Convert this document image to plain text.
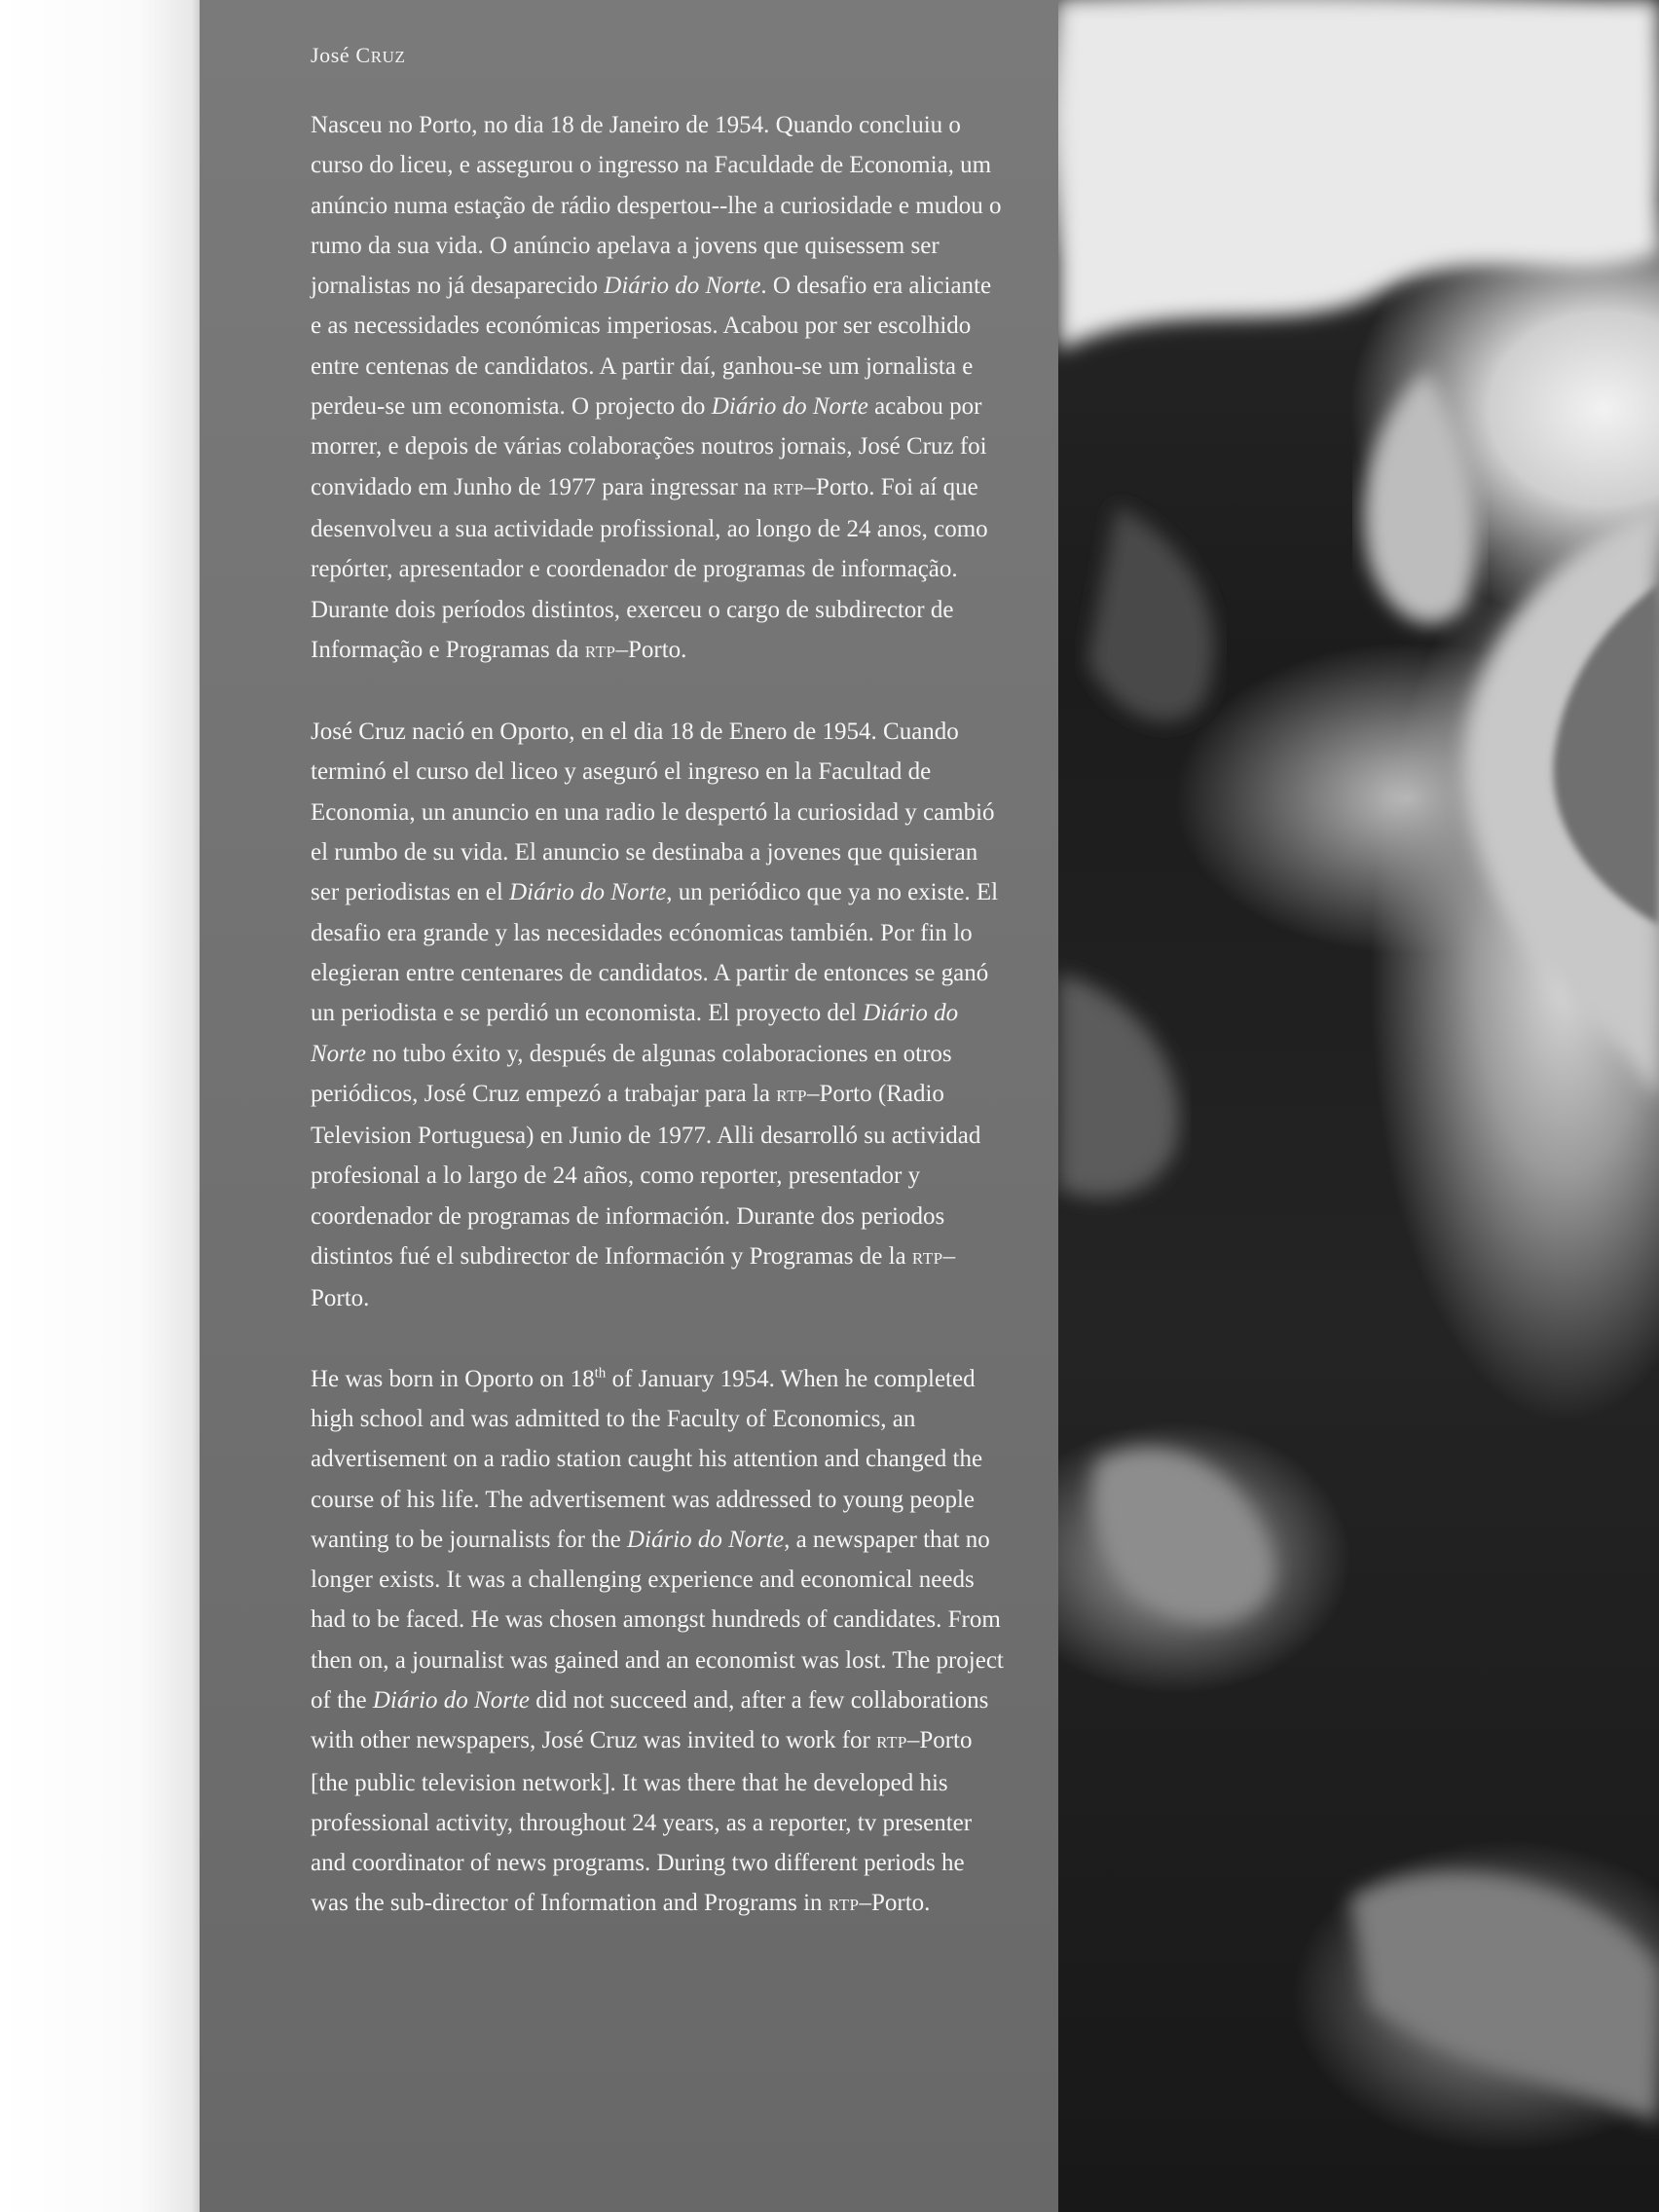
José CRUZ

Nasceu no Porto, no dia 18 de Janeiro de 1954. Quando concluiu o curso do liceu, e assegurou o ingresso na Faculdade de Economia, um anúncio numa estação de rádio despertou--lhe a curiosidade e mudou o rumo da sua vida. O anúncio apelava a jovens que quisessem ser jornalistas no já desaparecido Diário do Norte. O desafio era aliciante e as necessidades económicas imperiosas. Acabou por ser escolhido entre centenas de candidatos. A partir daí, ganhou-se um jornalista e perdeu-se um economista. O projecto do Diário do Norte acabou por morrer, e depois de várias colaborações noutros jornais, José Cruz foi convidado em Junho de 1977 para ingressar na RTP–Porto. Foi aí que desenvolveu a sua actividade profissional, ao longo de 24 anos, como repórter, apresentador e coordenador de programas de informação. Durante dois períodos distintos, exerceu o cargo de subdirector de Informação e Programas da RTP–Porto.

José Cruz nació en Oporto, en el dia 18 de Enero de 1954. Cuando terminó el curso del liceo y aseguró el ingreso en la Facultad de Economia, un anuncio en una radio le despertó la curiosidad y cambió el rumbo de su vida. El anuncio se destinaba a jovenes que quisieran ser periodistas en el Diário do Norte, un periódico que ya no existe. El desafio era grande y las necesidades ecónomicas también. Por fin lo elegieran entre centenares de candidatos. A partir de entonces se ganó un periodista e se perdió un economista. El proyecto del Diário do Norte no tubo éxito y, después de algunas colaboraciones en otros periódicos, José Cruz empezó a trabajar para la RTP–Porto (Radio Television Portuguesa) en Junio de 1977. Alli desarrolló su actividad profesional a lo largo de 24 años, como reporter, presentador y coordenador de programas de información. Durante dos periodos distintos fué el subdirector de Información y Programas de la RTP–Porto.

He was born in Oporto on 18th of January 1954. When he completed high school and was admitted to the Faculty of Economics, an advertisement on a radio station caught his attention and changed the course of his life. The advertisement was addressed to young people wanting to be journalists for the Diário do Norte, a newspaper that no longer exists. It was a challenging experience and economical needs had to be faced. He was chosen amongst hundreds of candidates. From then on, a journalist was gained and an economist was lost. The project of the Diário do Norte did not succeed and, after a few collaborations with other newspapers, José Cruz was invited to work for RTP–Porto [the public television network]. It was there that he developed his professional activity, throughout 24 years, as a reporter, tv presenter and coordinator of news programs. During two different periods he was the sub-director of Information and Programs in RTP–Porto.
